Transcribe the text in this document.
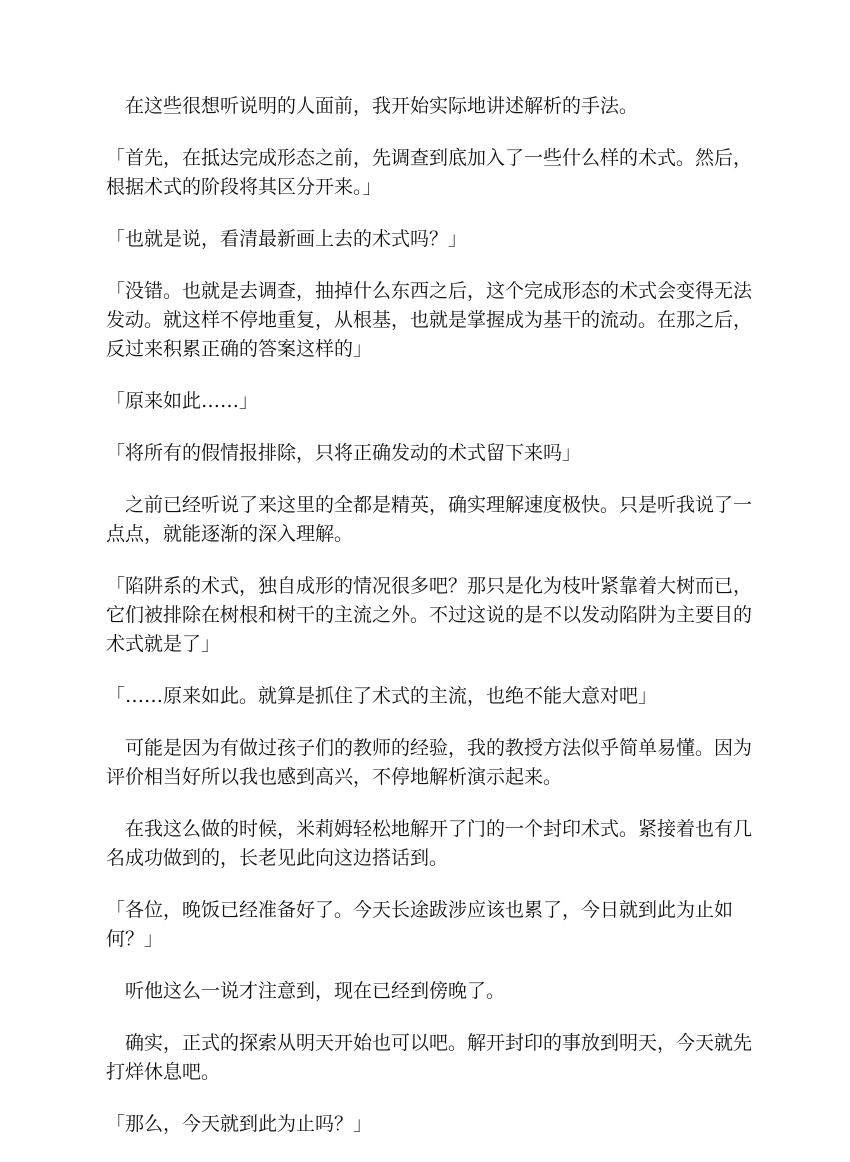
在这些很想听说明的人面前，我开始实际地讲述解析的手法。

「首先，在抵达完成形态之前，先调查到底加入了一些什么样的术式。然后，根据术式的阶段将其区分开来。」

「也就是说，看清最新画上去的术式吗？」

「没错。也就是去调查，抽掉什么东西之后，这个完成形态的术式会变得无法发动。就这样不停地重复，从根基，也就是掌握成为基干的流动。在那之后，反过来积累正确的答案这样的」

「原来如此……」

「将所有的假情报排除，只将正确发动的术式留下来吗」

之前已经听说了来这里的全都是精英，确实理解速度极快。只是听我说了一点点，就能逐渐的深入理解。

「陷阱系的术式，独自成形的情况很多吧？那只是化为枝叶紧靠着大树而已，它们被排除在树根和树干的主流之外。不过这说的是不以发动陷阱为主要目的术式就是了」

「……原来如此。就算是抓住了术式的主流，也绝不能大意对吧」

可能是因为有做过孩子们的教师的经验，我的教授方法似乎简单易懂。因为评价相当好所以我也感到高兴，不停地解析演示起来。

在我这么做的时候，米莉姆轻松地解开了门的一个封印术式。紧接着也有几名成功做到的，长老见此向这边搭话到。

「各位，晚饭已经准备好了。今天长途跋涉应该也累了，今日就到此为止如何？」

听他这么一说才注意到，现在已经到傍晚了。

确实，正式的探索从明天开始也可以吧。解开封印的事放到明天，今天就先打烊休息吧。

「那么，今天就到此为止吗？」
